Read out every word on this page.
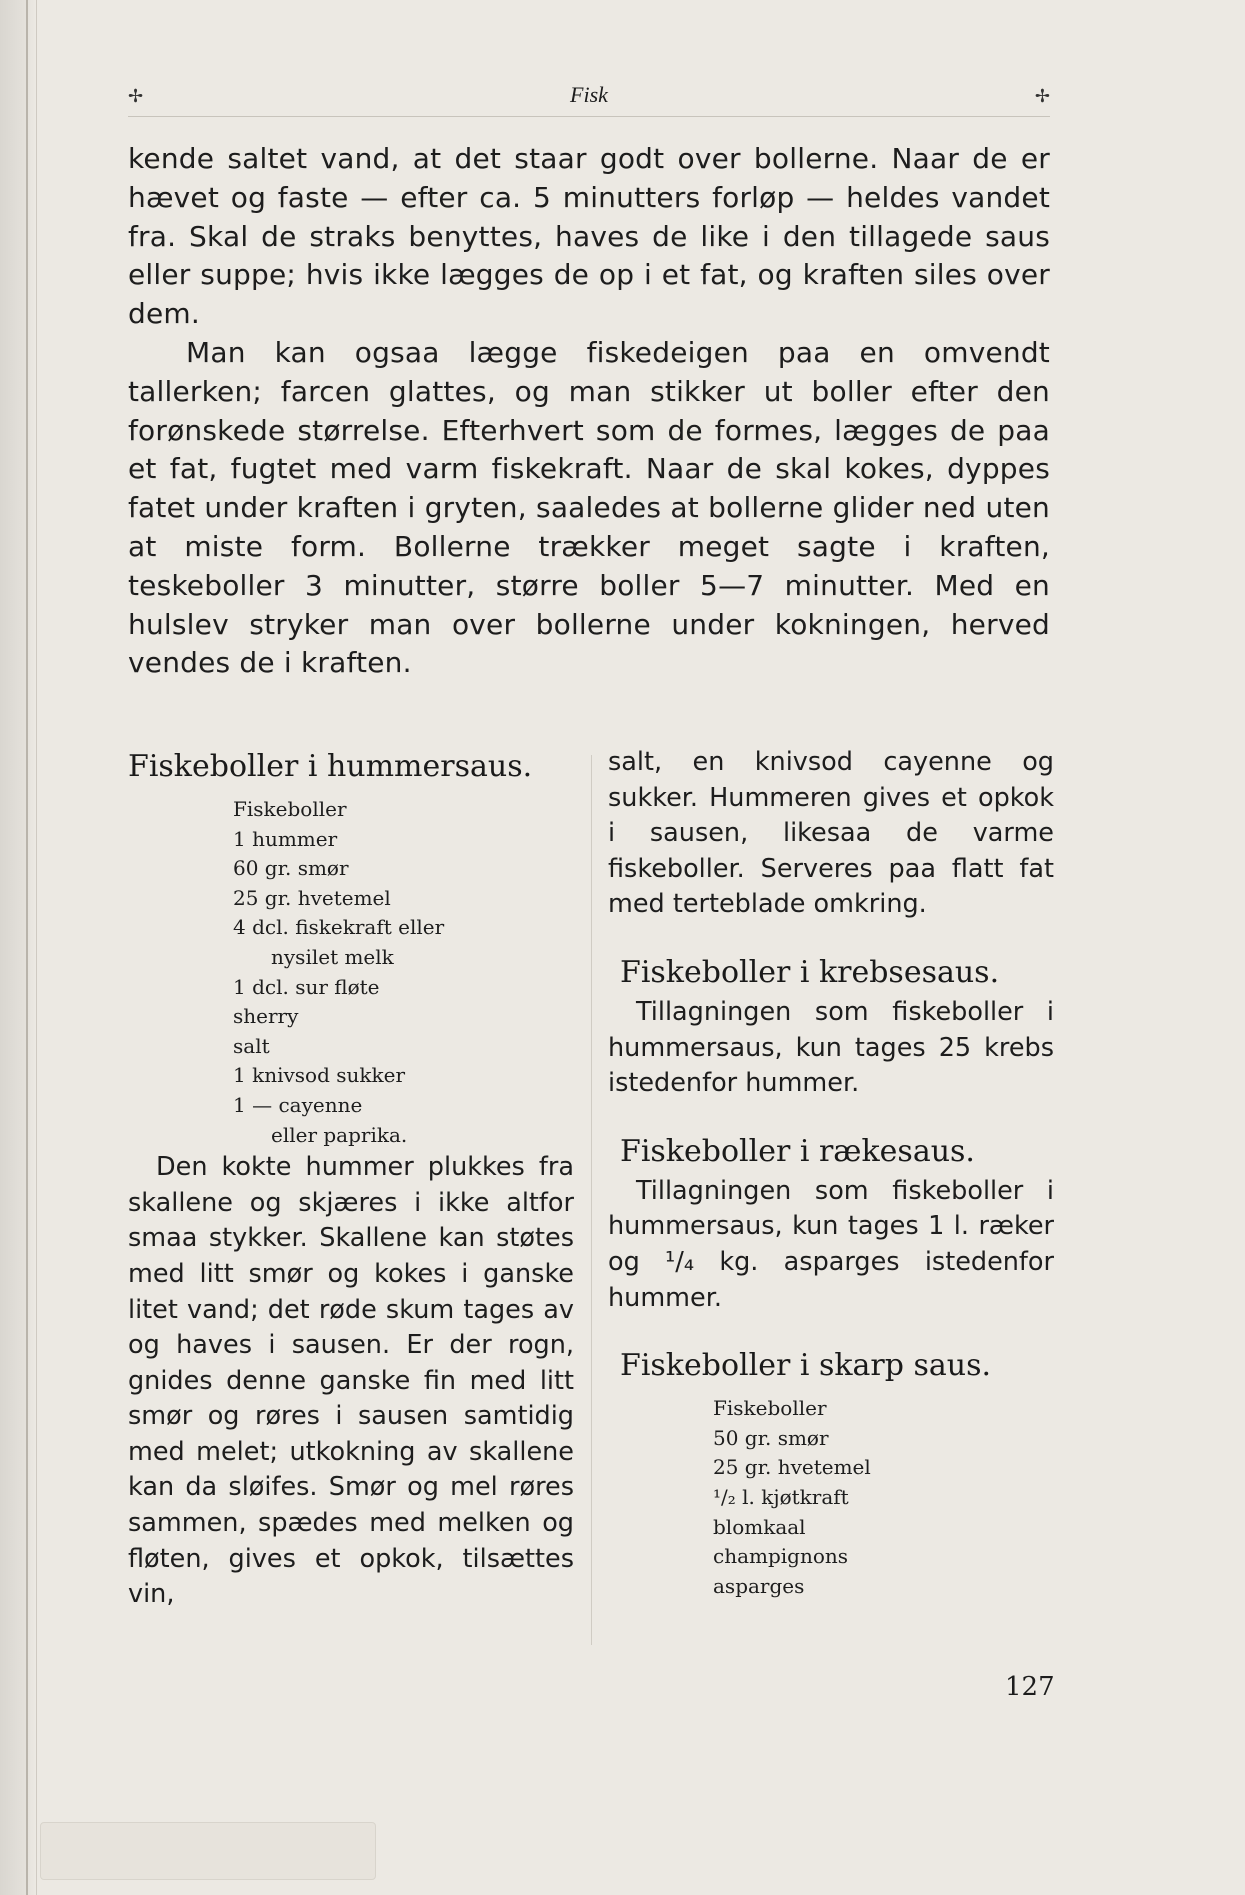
✢	Fisk	✢

kende saltet vand, at det staar godt over bollerne. Naar de er hævet og faste — efter ca. 5 minutters forløp — heldes vandet fra. Skal de straks benyttes, haves de like i den tillagede saus eller suppe; hvis ikke lægges de op i et fat, og kraften siles over dem.

Man kan ogsaa lægge fiskedeigen paa en omvendt tallerken; farcen glattes, og man stikker ut boller efter den forønskede størrelse. Efterhvert som de formes, lægges de paa et fat, fugtet med varm fiskekraft. Naar de skal kokes, dyppes fatet under kraften i gryten, saaledes at bollerne glider ned uten at miste form. Bollerne trækker meget sagte i kraften, teskeboller 3 minutter, større boller 5—7 minutter. Med en hulslev stryker man over bollerne under kokningen, herved vendes de i kraften.

Fiskeboller i hummersaus.
Fiskeboller
1 hummer
60 gr. smør
25 gr. hvetemel
4 dcl. fiskekraft eller
nysilet melk
1 dcl. sur fløte
sherry
salt
1 knivsod sukker
1 — cayenne
eller paprika.

Den kokte hummer plukkes fra skallene og skjæres i ikke altfor smaa stykker. Skallene kan støtes med litt smør og kokes i ganske litet vand; det røde skum tages av og haves i sausen. Er der rogn, gnides denne ganske fin med litt smør og røres i sausen samtidig med melet; utkokning av skallene kan da sløifes. Smør og mel røres sammen, spædes med melken og fløten, gives et opkok, tilsættes vin,

salt, en knivsod cayenne og sukker. Hummeren gives et opkok i sausen, likesaa de varme fiskeboller. Serveres paa flatt fat med terteblade omkring.

Fiskeboller i krebsesaus.

Tillagningen som fiskeboller i hummersaus, kun tages 25 krebs istedenfor hummer.

Fiskeboller i rækesaus.

Tillagningen som fiskeboller i hummersaus, kun tages 1 l. ræker og ¹/₄ kg. asparges istedenfor hummer.

Fiskeboller i skarp saus.
Fiskeboller
50 gr. smør
25 gr. hvetemel
¹/₂ l. kjøtkraft
blomkaal
champignons
asparges
127
